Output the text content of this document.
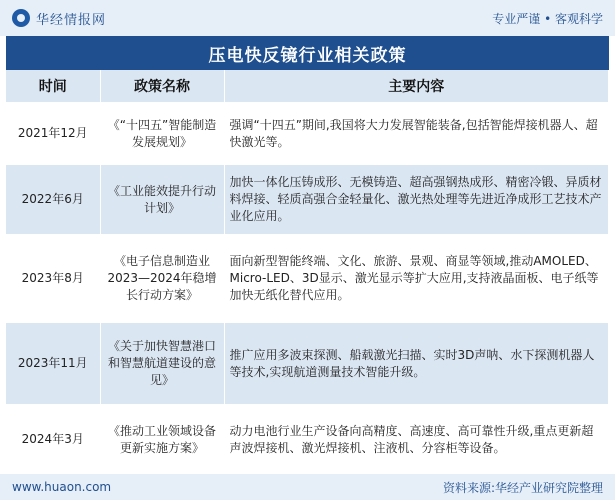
华经情报网	专业严谨 • 客观科学
压电快反镜行业相关政策
时间	政策名称	主要内容
2021年12月	《“十四五”智能制造发展规划》	强调“十四五”期间,我国将大力发展智能装备,包括智能焊接机器人、超快激光等。
2022年6月	《工业能效提升行动计划》	加快一体化压铸成形、无模铸造、超高强钢热成形、精密冷锻、异质材料焊接、轻质高强合金轻量化、激光热处理等先进近净成形工艺技术产业化应用。
2023年8月	《电子信息制造业2023—2024年稳增长行动方案》	面向新型智能终端、文化、旅游、景观、商显等领域,推动AMOLED、Micro-LED、3D显示、激光显示等扩大应用,支持液晶面板、电子纸等加快无纸化替代应用。
2023年11月	《关于加快智慧港口和智慧航道建设的意见》	推广应用多波束探测、船载激光扫描、实时3D声呐、水下探测机器人等技术,实现航道测量技术智能升级。
2024年3月	《推动工业领域设备更新实施方案》	动力电池行业生产设备向高精度、高速度、高可靠性升级,重点更新超声波焊接机、激光焊接机、注液机、分容柜等设备。
www.huaon.com	资料来源:华经产业研究院整理
